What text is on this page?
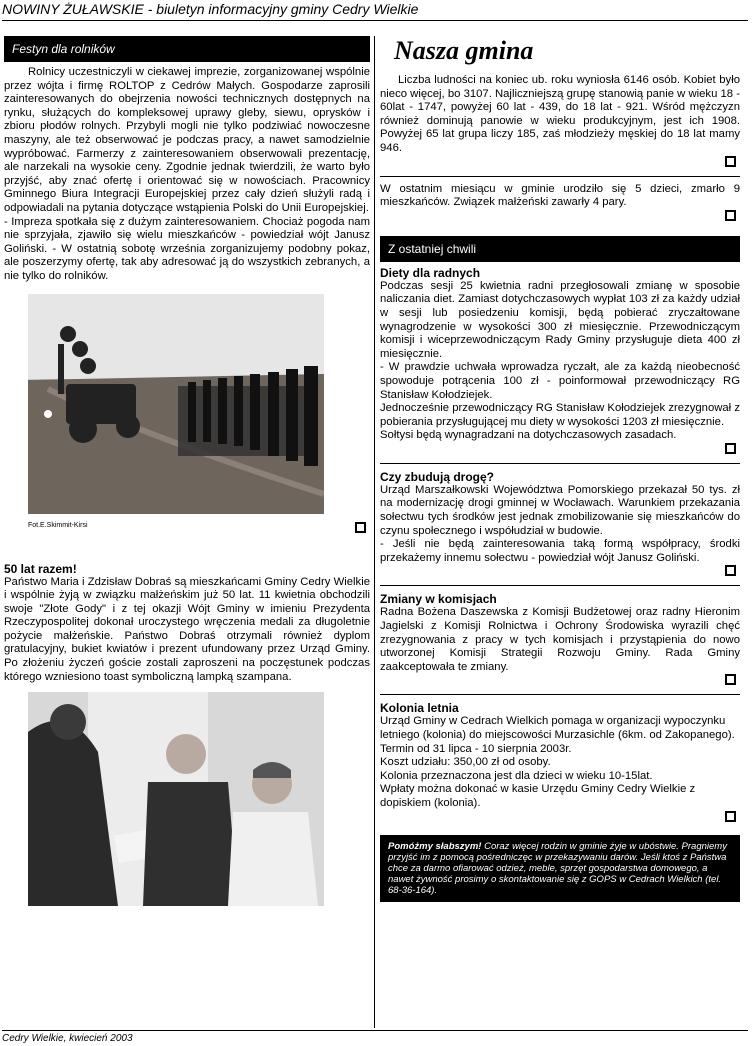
NOWINY ŻUŁAWSKIE - biuletyn informacyjny gminy Cedry Wielkie
Festyn dla rolników

Rolnicy uczestniczyli w ciekawej imprezie, zorganizowanej wspólnie przez wójta i firmę ROLTOP z Cedrów Małych. Gospodarze zaprosili zainteresowanych do obejrzenia nowości technicznych dostępnych na rynku, służących do kompleksowej uprawy gleby, siewu, oprysków i zbioru płodów rolnych. Przybyli mogli nie tylko podziwiać nowoczesne maszyny, ale też obserwować je podczas pracy, a nawet samodzielnie wypróbować. Farmerzy z zainteresowaniem obserwowali prezentację, ale narzekali na wysokie ceny. Zgodnie jednak twierdzili, że warto było przyjść, aby znać ofertę i orientować się w nowościach. Pracownicy Gminnego Biura Integracji Europejskiej przez cały dzień służyli radą i odpowiadali na pytania dotyczące wstąpienia Polski do Unii Europejskiej.

- Impreza spotkała się z dużym zainteresowaniem. Chociaż pogoda nam nie sprzyjała, zjawiło się wielu mieszkańców - powiedział wójt Janusz Goliński. - W ostatnią sobotę września zorganizujemy podobny pokaz, ale poszerzymy ofertę, tak aby adresować ją do wszystkich zebranych, a nie tylko do rolników.

Fot.E.Skimmit-Kirsi
50 lat razem!

Państwo Maria i Zdzisław Dobraś są mieszkańcami Gminy Cedry Wielkie i wspólnie żyją w związku małżeńskim już 50 lat. 11 kwietnia obchodzili swoje "Złote Gody" i z tej okazji Wójt Gminy w imieniu Prezydenta Rzeczypospolitej dokonał uroczystego wręczenia medali za długoletnie pożycie małżeńskie. Państwo Dobraś otrzymali również dyplom gratulacyjny, bukiet kwiatów i prezent ufundowany przez Urząd Gminy. Po złożeniu życzeń goście zostali zaproszeni na poczęstunek podczas którego wzniesiono toast symboliczną lampką szampana.

Nasza gmina

Liczba ludności na koniec ub. roku wyniosła 6146 osób. Kobiet było nieco więcej, bo 3107. Najliczniejszą grupę stanowią panie w wieku 18 - 60lat - 1747, powyżej 60 lat - 439, do 18 lat - 921. Wśród mężczyzn również dominują panowie w wieku produkcyjnym, jest ich 1908. Powyżej 65 lat grupa liczy 185, zaś młodzieży męskiej do 18 lat mamy 946.

W ostatnim miesiącu w gminie urodziło się 5 dzieci, zmarło 9 mieszkańców. Związek małżeński zawarły 4 pary.

Z ostatniej chwili
Diety dla radnych

Podczas sesji 25 kwietnia radni przegłosowali zmianę w sposobie naliczania diet. Zamiast dotychczasowych wypłat 103 zł za każdy udział w sesji lub posiedzeniu komisji, będą pobierać zryczałtowane wynagrodzenie w wysokości 300 zł miesięcznie. Przewodniczącym komisji i wiceprzewodniczącym Rady Gminy przysługuje dieta 400 zł miesięcznie.

- W prawdzie uchwała wprowadza ryczałt, ale za każdą nieobecność spowoduje potrącenia 100 zł - poinformował przewodniczący RG Stanisław Kołodziejek.

Jednocześnie przewodniczący RG Stanisław Kołodziejek zrezygnował z pobierania przysługującej mu diety w wysokości 1203 zł miesięcznie.

Sołtysi będą wynagradzani na dotychczasowych zasadach.

Czy zbudują drogę?

Urząd Marszałkowski Województwa Pomorskiego przekazał 50 tys. zł na modernizację drogi gminnej w Wocławach. Warunkiem przekazania sołectwu tych środków jest jednak zmobilizowanie się mieszkańców do czynu społecznego i współudział w budowie.

- Jeśli nie będą zainteresowania taką formą współpracy, środki przekażemy innemu sołectwu - powiedział wójt Janusz Goliński.

Zmiany w komisjach

Radna Bożena Daszewska z Komisji Budżetowej oraz radny Hieronim Jagielski z Komisji Rolnictwa i Ochrony Środowiska wyrazili chęć zrezygnowania z pracy w tych komisjach i przystąpienia do nowo utworzonej Komisji Strategii Rozwoju Gminy. Rada Gminy zaakceptowała te zmiany.

Kolonia letnia

Urząd Gminy w Cedrach Wielkich pomaga w organizacji wypoczynku letniego (kolonia) do miejscowości Murzasichle (6km. od Zakopanego).

Termin od 31 lipca - 10 sierpnia 2003r.

Koszt udziału: 350,00 zł od osoby.

Kolonia przeznaczona jest dla dzieci w wieku 10-15lat.

Wpłaty można dokonać w kasie Urzędu Gminy Cedry Wielkie z dopiskiem (kolonia).

Pomóżmy słabszym! Coraz więcej rodzin w gminie żyje w ubóstwie. Pragniemy przyjść im z pomocą pośredniczęc w przekazywaniu darów. Jeśli ktoś z Państwa chce za darmo ofiarować odzież, meble, sprzęt gospodarstwa domowego, a nawet żywność prosimy o skontaktowanie się z GOPS w Cedrach Wielkich (tel. 68-36-164).
Cedry Wielkie, kwiecień 2003
